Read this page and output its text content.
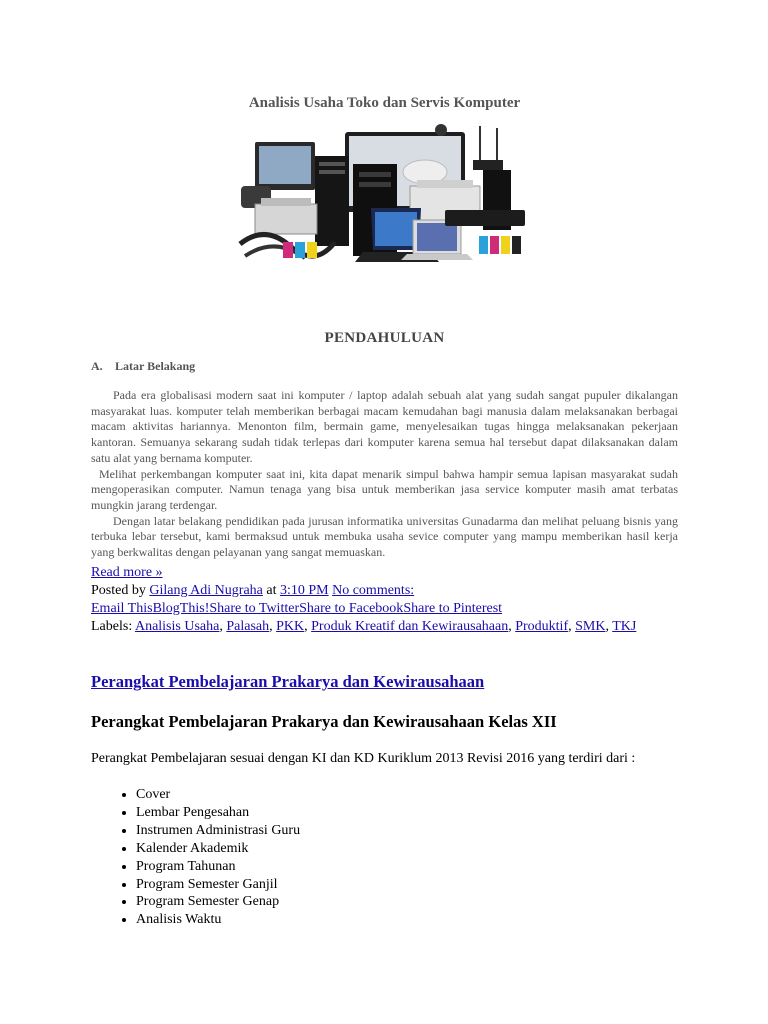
Analisis Usaha Toko dan Servis Komputer

PENDAHULUAN

A. Latar Belakang

Pada era globalisasi modern saat ini komputer / laptop adalah sebuah alat yang sudah sangat pupuler dikalangan masyarakat luas. komputer telah memberikan berbagai macam kemudahan bagi manusia dalam melaksanakan berbagai macam aktivitas hariannya. Menonton film, bermain game, menyelesaikan tugas hingga melaksanakan pekerjaan kantoran. Semuanya sekarang sudah tidak terlepas dari komputer karena semua hal tersebut dapat dilaksanakan dalam satu alat yang bernama komputer.

Melihat perkembangan komputer saat ini, kita dapat menarik simpul bahwa hampir semua lapisan masyarakat sudah mengoperasikan computer. Namun tenaga yang bisa untuk memberikan jasa service komputer masih amat terbatas mungkin jarang terdengar.

Dengan latar belakang pendidikan pada jurusan informatika universitas Gunadarma dan melihat peluang bisnis yang terbuka lebar tersebut, kami bermaksud untuk membuka usaha sevice computer yang mampu memberikan hasil kerja yang berkwalitas dengan pelayanan yang sangat memuaskan.

Read more »

Posted by Gilang Adi Nugraha at 3:10 PM No comments:

Email ThisBlogThis!Share to TwitterShare to FacebookShare to Pinterest

Labels: Analisis Usaha, Palasah, PKK, Produk Kreatif dan Kewirausahaan, Produktif, SMK, TKJ

Perangkat Pembelajaran Prakarya dan Kewirausahaan

Perangkat Pembelajaran Prakarya dan Kewirausahaan Kelas XII

Perangkat Pembelajaran sesuai dengan KI dan KD Kuriklum 2013 Revisi 2016 yang terdiri dari :

• Cover
• Lembar Pengesahan
• Instrumen Administrasi Guru
• Kalender Akademik
• Program Tahunan
• Program Semester Ganjil
• Program Semester Genap
• Analisis Waktu
